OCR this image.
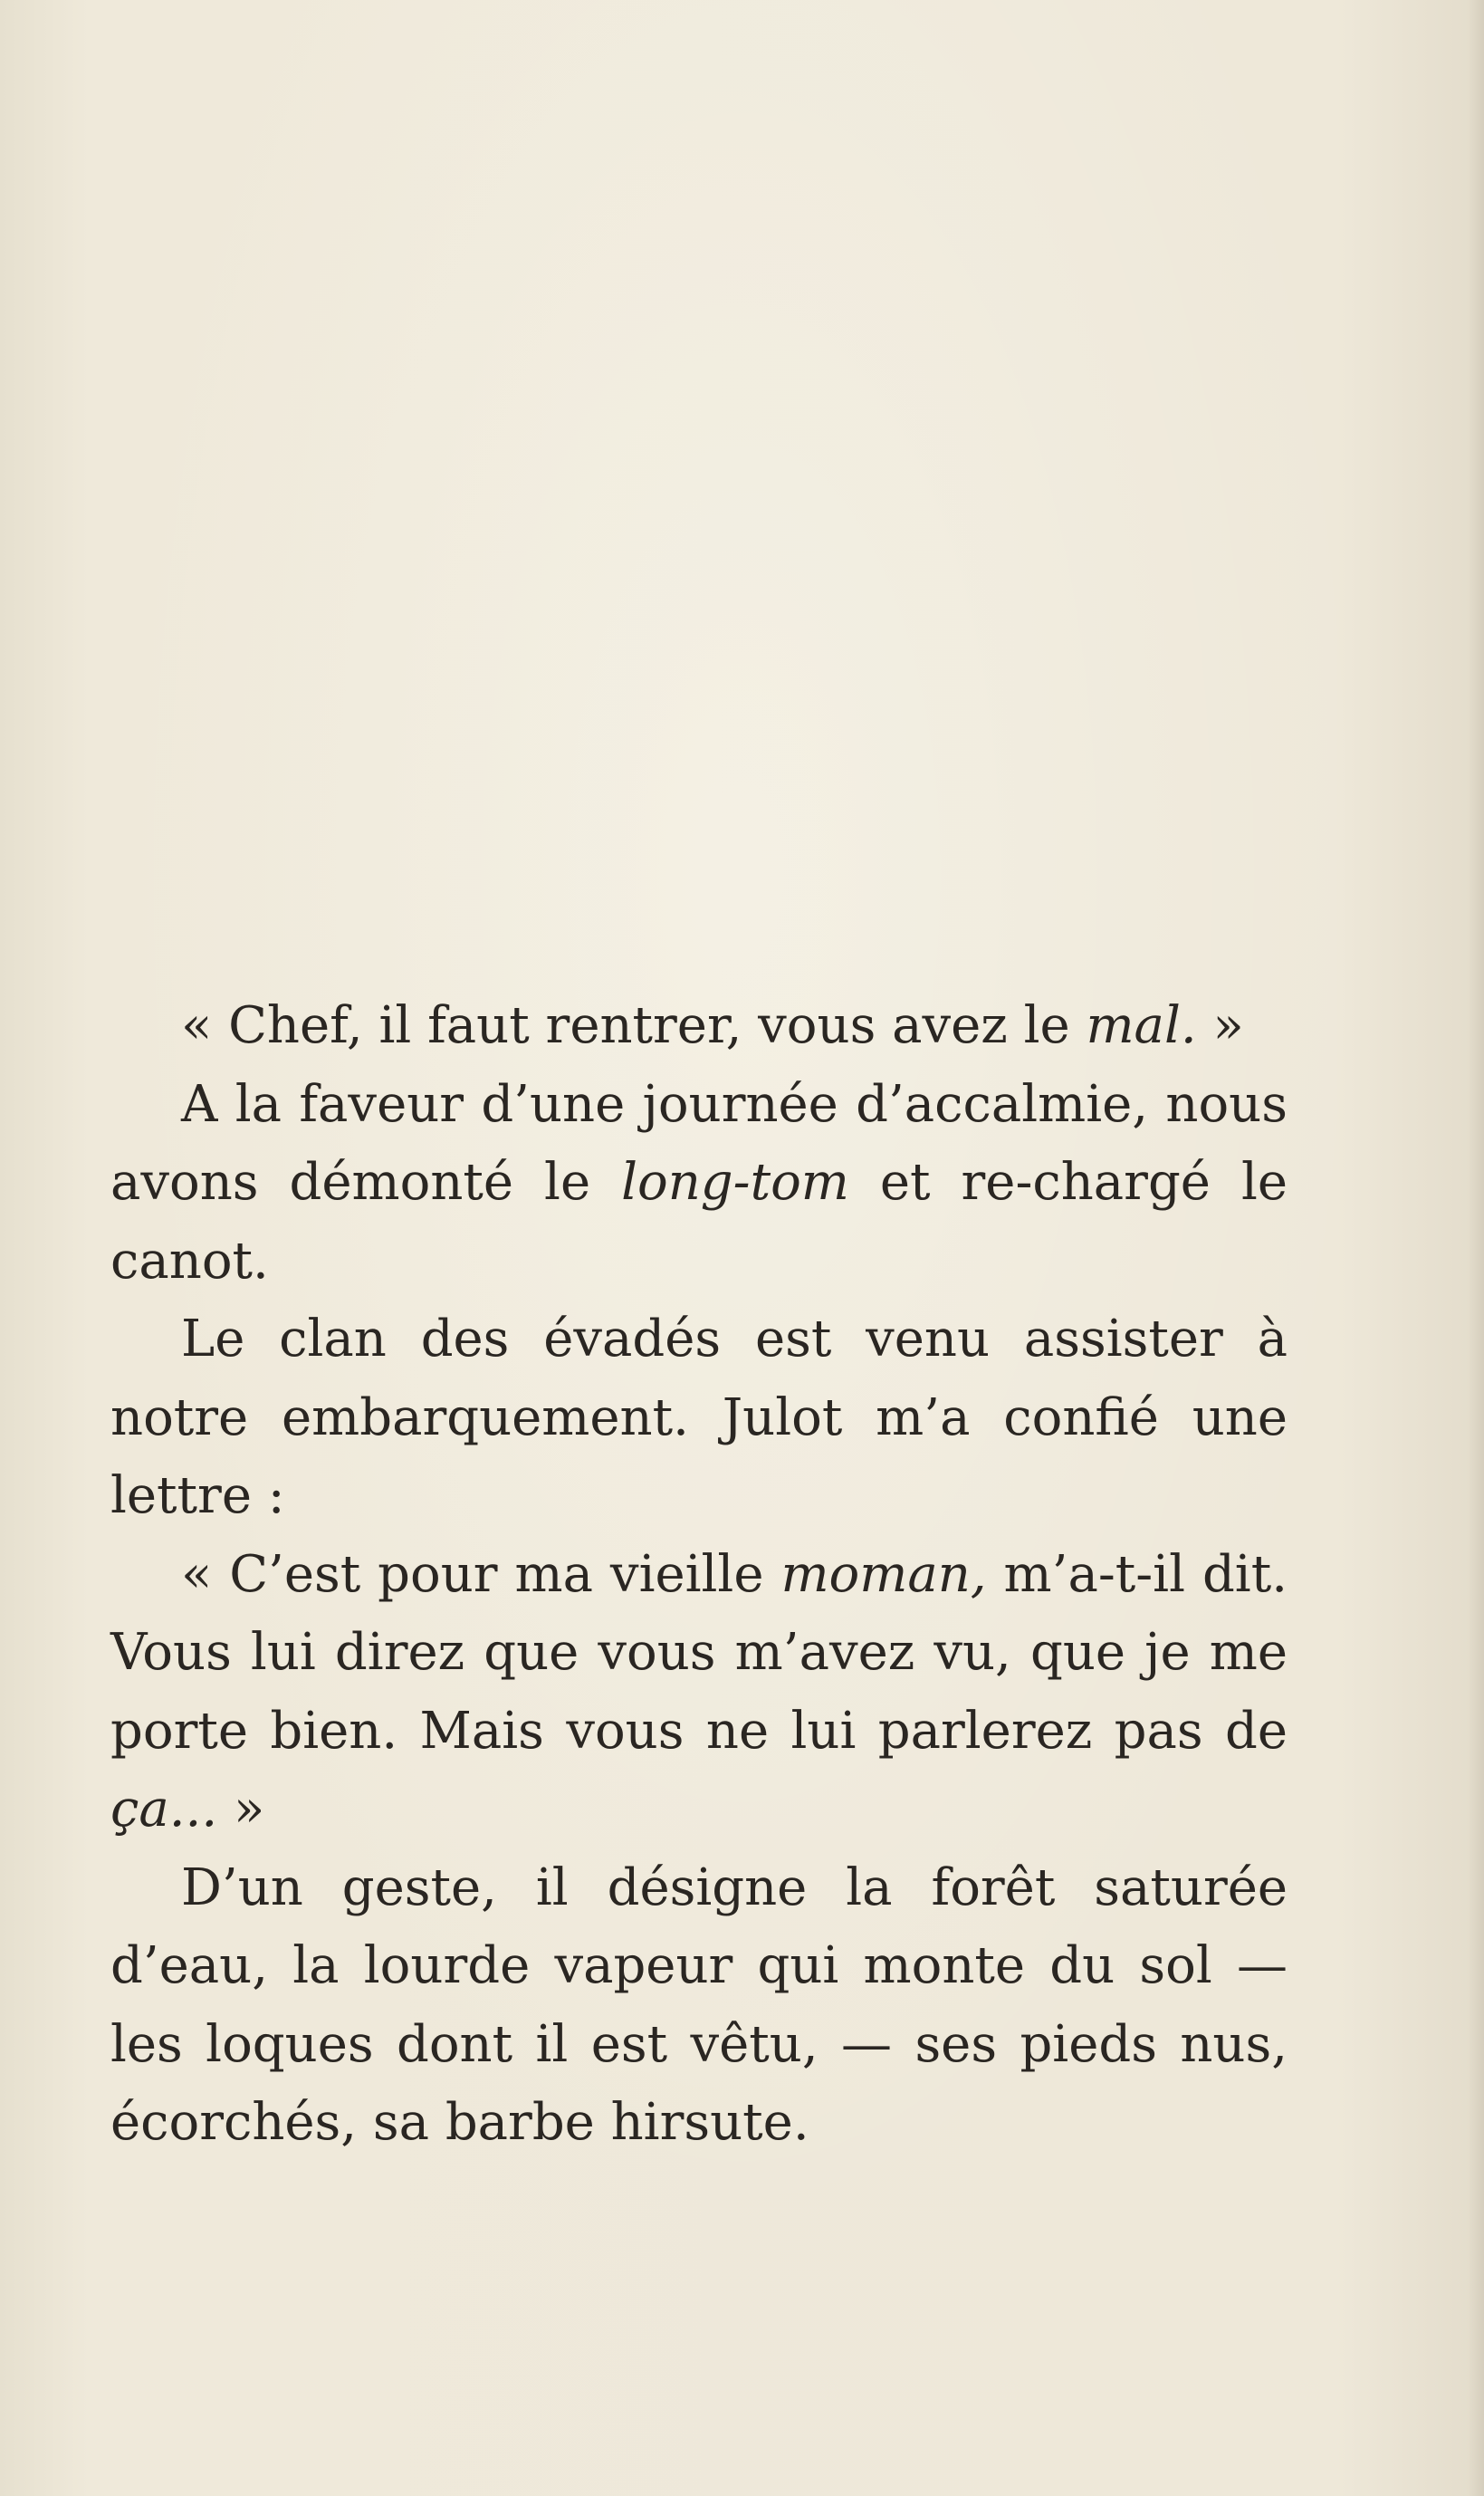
« Chef, il faut rentrer, vous avez le mal. »

A la faveur d’une journée d’accalmie, nous avons démonté le long-tom et re-chargé le canot.

Le clan des évadés est venu assister à notre embarquement. Julot m’a confié une lettre :

« C’est pour ma vieille moman, m’a-t-il dit. Vous lui direz que vous m’avez vu, que je me porte bien. Mais vous ne lui parlerez pas de ça... »

D’un geste, il désigne la forêt saturée d’eau, la lourde vapeur qui monte du sol — les loques dont il est vêtu, — ses pieds nus, écorchés, sa barbe hirsute.
